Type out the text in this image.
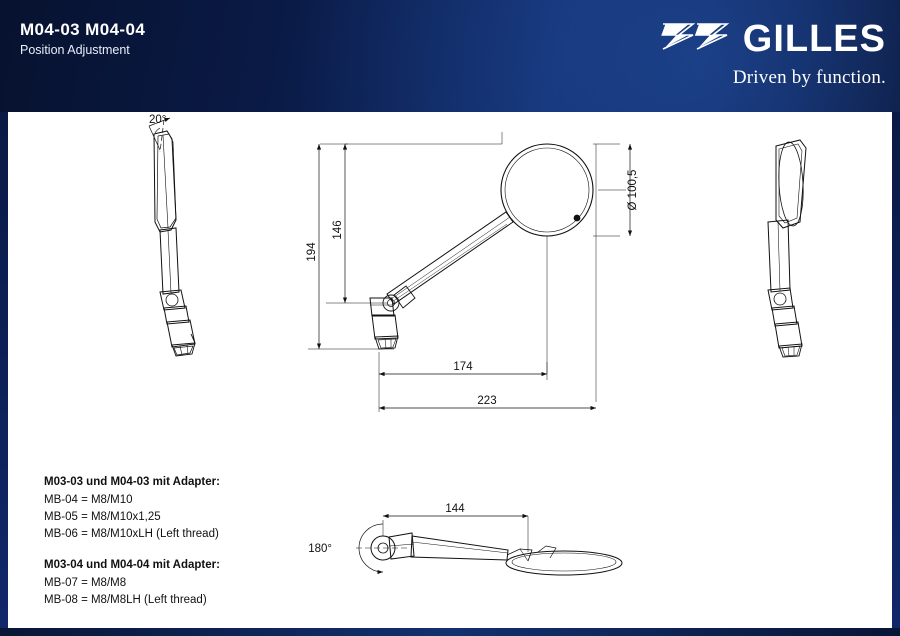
M04-03 M04-04
Position Adjustment	GILLES
Driven by function.
20°
194
146
Ø 100,5
174
223
144
180°
M03-03 und M04-03 mit Adapter:
MB-04 = M8/M10
MB-05 = M8/M10x1,25
MB-06 = M8/M10xLH (Left thread)
M03-04 und M04-04 mit Adapter:
MB-07 = M8/M8
MB-08 = M8/M8LH (Left thread)
